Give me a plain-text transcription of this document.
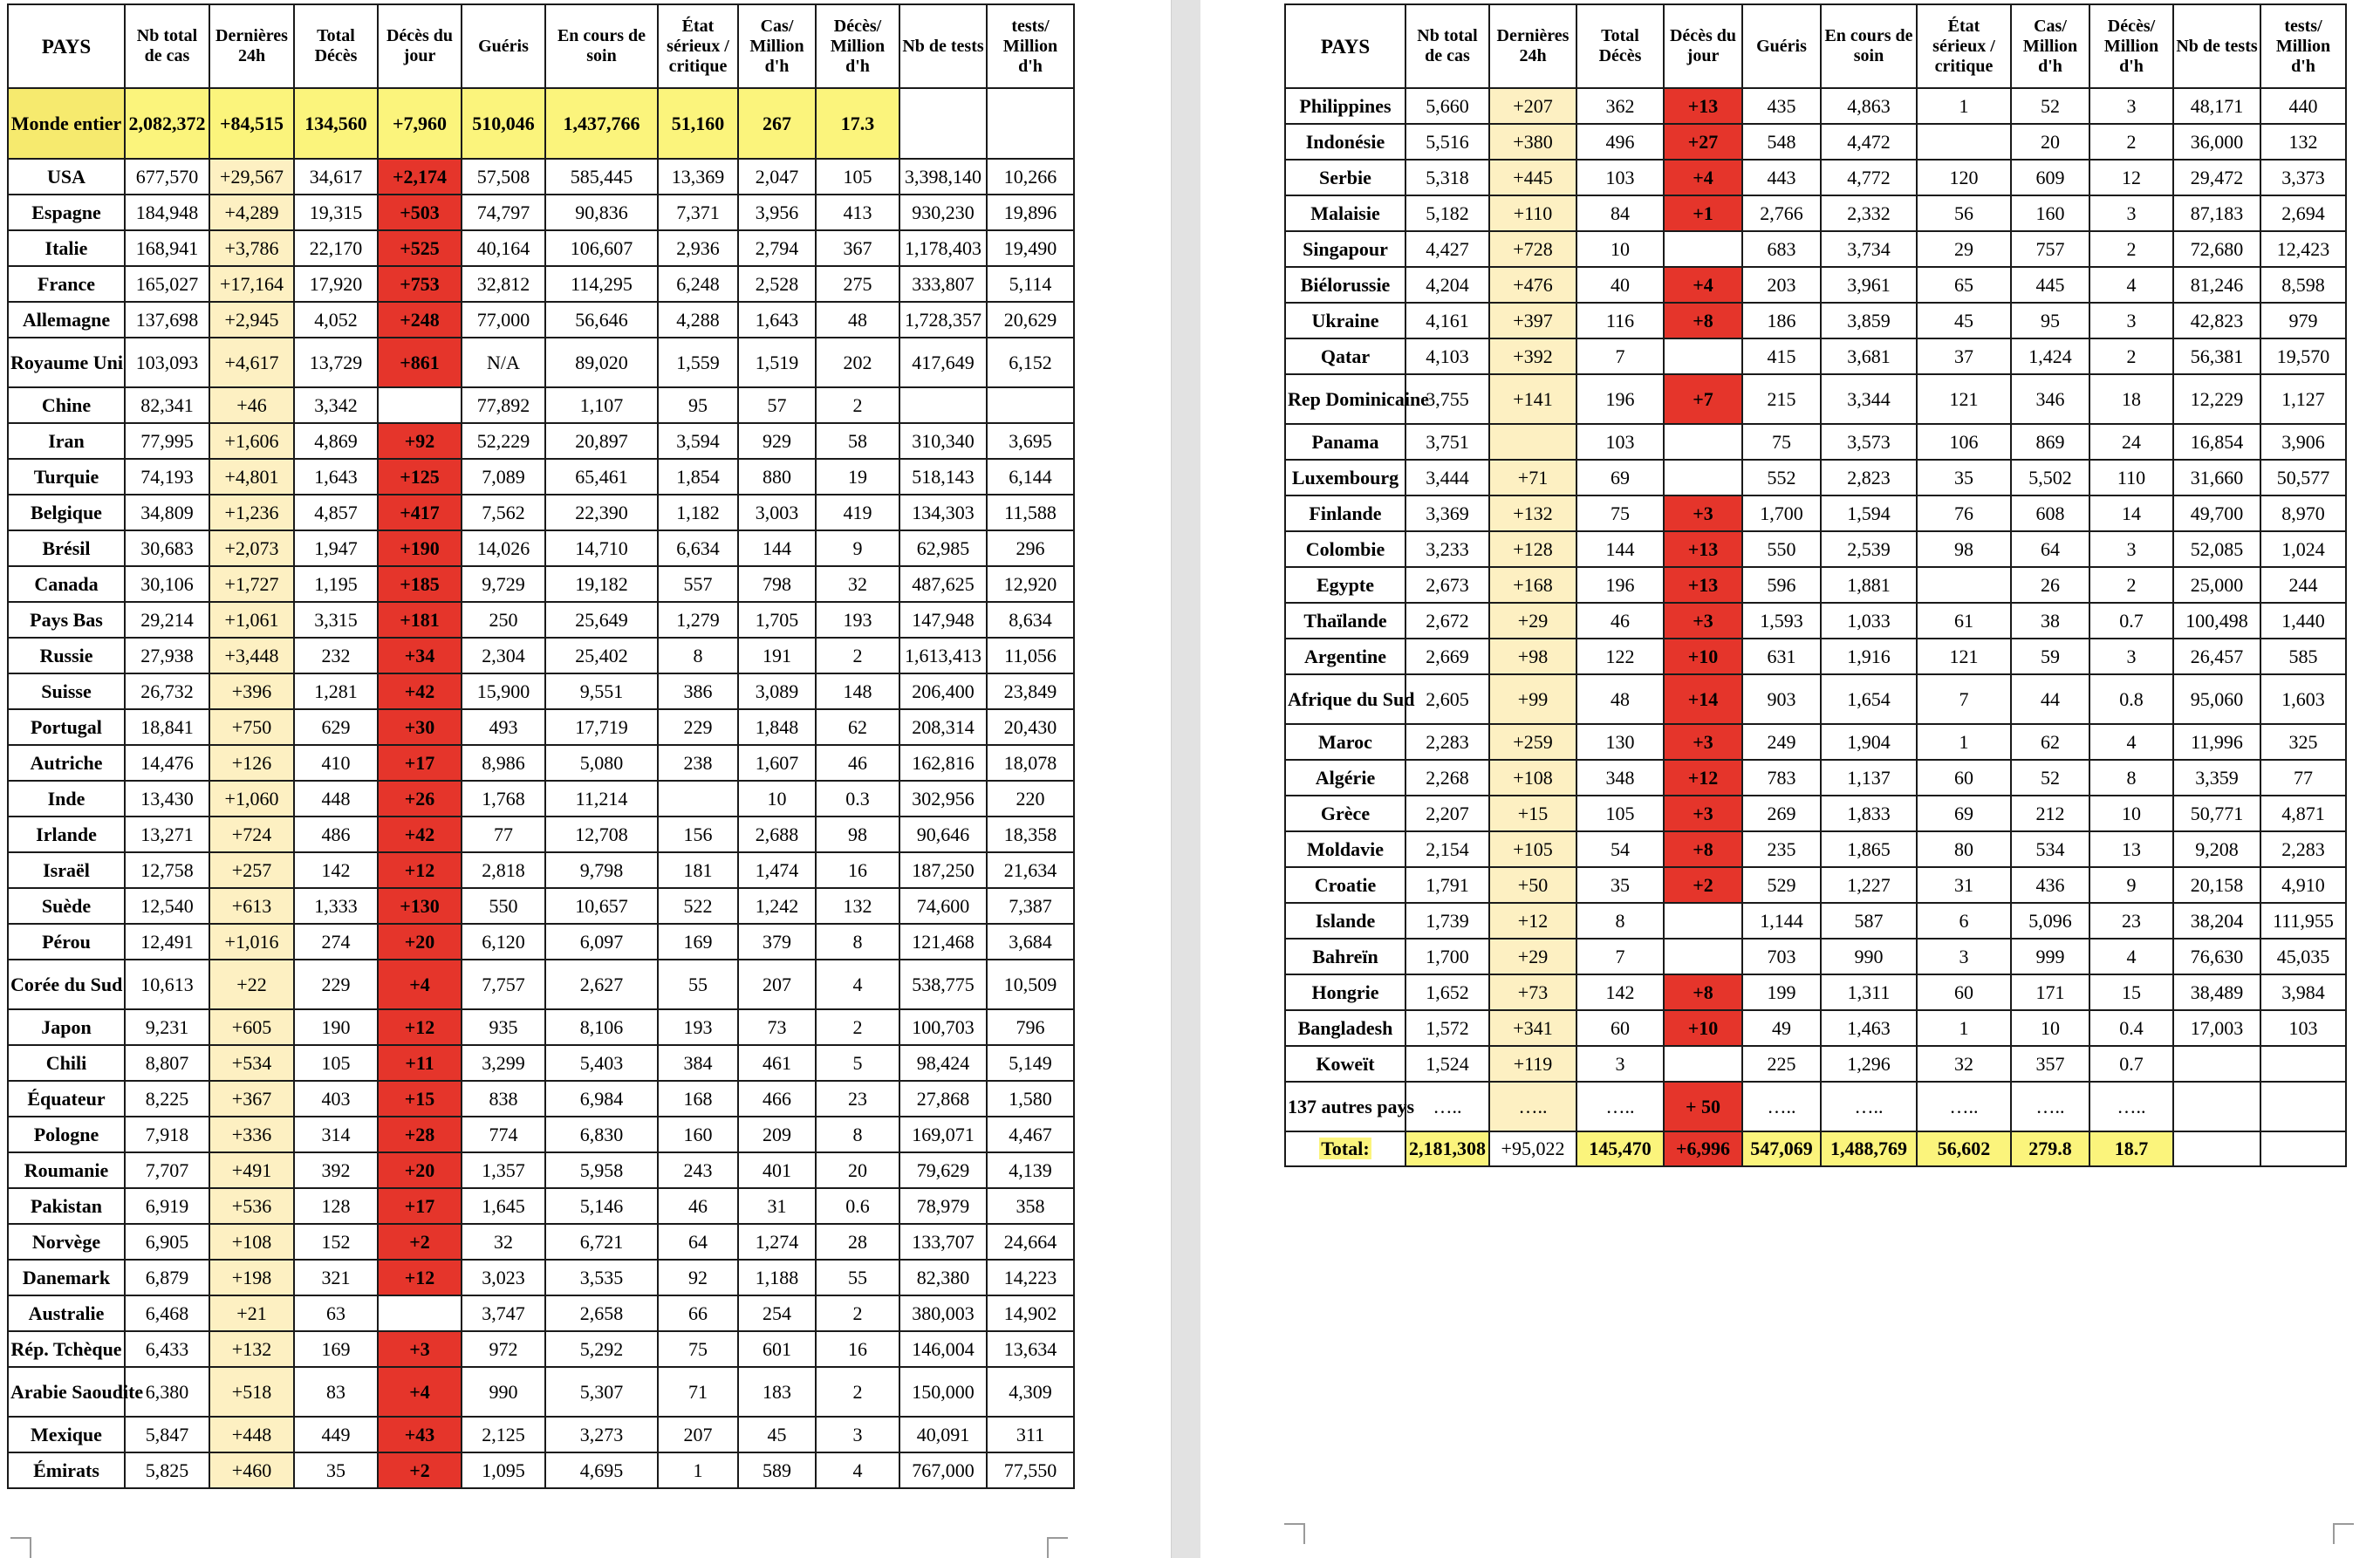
PAYS	Nb total de cas	Dernières 24h	Total Décès	Décès du jour	Guéris	En cours de soin	État sérieux / critique	Cas/ Million d'h	Décès/ Million d'h	Nb de tests	tests/ Million d'h
Monde entier	2,082,372	+84,515	134,560	+7,960	510,046	1,437,766	51,160	267	17.3		
USA	677,570	+29,567	34,617	+2,174	57,508	585,445	13,369	2,047	105	3,398,140	10,266
Espagne	184,948	+4,289	19,315	+503	74,797	90,836	7,371	3,956	413	930,230	19,896
Italie	168,941	+3,786	22,170	+525	40,164	106,607	2,936	2,794	367	1,178,403	19,490
France	165,027	+17,164	17,920	+753	32,812	114,295	6,248	2,528	275	333,807	5,114
Allemagne	137,698	+2,945	4,052	+248	77,000	56,646	4,288	1,643	48	1,728,357	20,629
Royaume Uni	103,093	+4,617	13,729	+861	N/A	89,020	1,559	1,519	202	417,649	6,152
Chine	82,341	+46	3,342		77,892	1,107	95	57	2		
Iran	77,995	+1,606	4,869	+92	52,229	20,897	3,594	929	58	310,340	3,695
Turquie	74,193	+4,801	1,643	+125	7,089	65,461	1,854	880	19	518,143	6,144
Belgique	34,809	+1,236	4,857	+417	7,562	22,390	1,182	3,003	419	134,303	11,588
Brésil	30,683	+2,073	1,947	+190	14,026	14,710	6,634	144	9	62,985	296
Canada	30,106	+1,727	1,195	+185	9,729	19,182	557	798	32	487,625	12,920
Pays Bas	29,214	+1,061	3,315	+181	250	25,649	1,279	1,705	193	147,948	8,634
Russie	27,938	+3,448	232	+34	2,304	25,402	8	191	2	1,613,413	11,056
Suisse	26,732	+396	1,281	+42	15,900	9,551	386	3,089	148	206,400	23,849
Portugal	18,841	+750	629	+30	493	17,719	229	1,848	62	208,314	20,430
Autriche	14,476	+126	410	+17	8,986	5,080	238	1,607	46	162,816	18,078
Inde	13,430	+1,060	448	+26	1,768	11,214		10	0.3	302,956	220
Irlande	13,271	+724	486	+42	77	12,708	156	2,688	98	90,646	18,358
Israël	12,758	+257	142	+12	2,818	9,798	181	1,474	16	187,250	21,634
Suède	12,540	+613	1,333	+130	550	10,657	522	1,242	132	74,600	7,387
Pérou	12,491	+1,016	274	+20	6,120	6,097	169	379	8	121,468	3,684
Corée du Sud	10,613	+22	229	+4	7,757	2,627	55	207	4	538,775	10,509
Japon	9,231	+605	190	+12	935	8,106	193	73	2	100,703	796
Chili	8,807	+534	105	+11	3,299	5,403	384	461	5	98,424	5,149
Équateur	8,225	+367	403	+15	838	6,984	168	466	23	27,868	1,580
Pologne	7,918	+336	314	+28	774	6,830	160	209	8	169,071	4,467
Roumanie	7,707	+491	392	+20	1,357	5,958	243	401	20	79,629	4,139
Pakistan	6,919	+536	128	+17	1,645	5,146	46	31	0.6	78,979	358
Norvège	6,905	+108	152	+2	32	6,721	64	1,274	28	133,707	24,664
Danemark	6,879	+198	321	+12	3,023	3,535	92	1,188	55	82,380	14,223
Australie	6,468	+21	63		3,747	2,658	66	254	2	380,003	14,902
Rép. Tchèque	6,433	+132	169	+3	972	5,292	75	601	16	146,004	13,634
Arabie Saoudite	6,380	+518	83	+4	990	5,307	71	183	2	150,000	4,309
Mexique	5,847	+448	449	+43	2,125	3,273	207	45	3	40,091	311
Émirats	5,825	+460	35	+2	1,095	4,695	1	589	4	767,000	77,550
PAYS	Nb total de cas	Dernières 24h	Total Décès	Décès du jour	Guéris	En cours de soin	État sérieux / critique	Cas/ Million d'h	Décès/ Million d'h	Nb de tests	tests/ Million d'h
Philippines	5,660	+207	362	+13	435	4,863	1	52	3	48,171	440
Indonésie	5,516	+380	496	+27	548	4,472		20	2	36,000	132
Serbie	5,318	+445	103	+4	443	4,772	120	609	12	29,472	3,373
Malaisie	5,182	+110	84	+1	2,766	2,332	56	160	3	87,183	2,694
Singapour	4,427	+728	10		683	3,734	29	757	2	72,680	12,423
Biélorussie	4,204	+476	40	+4	203	3,961	65	445	4	81,246	8,598
Ukraine	4,161	+397	116	+8	186	3,859	45	95	3	42,823	979
Qatar	4,103	+392	7		415	3,681	37	1,424	2	56,381	19,570
Rep Dominicaine	3,755	+141	196	+7	215	3,344	121	346	18	12,229	1,127
Panama	3,751		103		75	3,573	106	869	24	16,854	3,906
Luxembourg	3,444	+71	69		552	2,823	35	5,502	110	31,660	50,577
Finlande	3,369	+132	75	+3	1,700	1,594	76	608	14	49,700	8,970
Colombie	3,233	+128	144	+13	550	2,539	98	64	3	52,085	1,024
Egypte	2,673	+168	196	+13	596	1,881		26	2	25,000	244
Thaïlande	2,672	+29	46	+3	1,593	1,033	61	38	0.7	100,498	1,440
Argentine	2,669	+98	122	+10	631	1,916	121	59	3	26,457	585
Afrique du Sud	2,605	+99	48	+14	903	1,654	7	44	0.8	95,060	1,603
Maroc	2,283	+259	130	+3	249	1,904	1	62	4	11,996	325
Algérie	2,268	+108	348	+12	783	1,137	60	52	8	3,359	77
Grèce	2,207	+15	105	+3	269	1,833	69	212	10	50,771	4,871
Moldavie	2,154	+105	54	+8	235	1,865	80	534	13	9,208	2,283
Croatie	1,791	+50	35	+2	529	1,227	31	436	9	20,158	4,910
Islande	1,739	+12	8		1,144	587	6	5,096	23	38,204	111,955
Bahreïn	1,700	+29	7		703	990	3	999	4	76,630	45,035
Hongrie	1,652	+73	142	+8	199	1,311	60	171	15	38,489	3,984
Bangladesh	1,572	+341	60	+10	49	1,463	1	10	0.4	17,003	103
Koweït	1,524	+119	3		225	1,296	32	357	0.7		
137 autres pays	…..	…..	…..	+ 50	…..	…..	…..	…..	…..		
Total:	2,181,308	+95,022	145,470	+6,996	547,069	1,488,769	56,602	279.8	18.7		
